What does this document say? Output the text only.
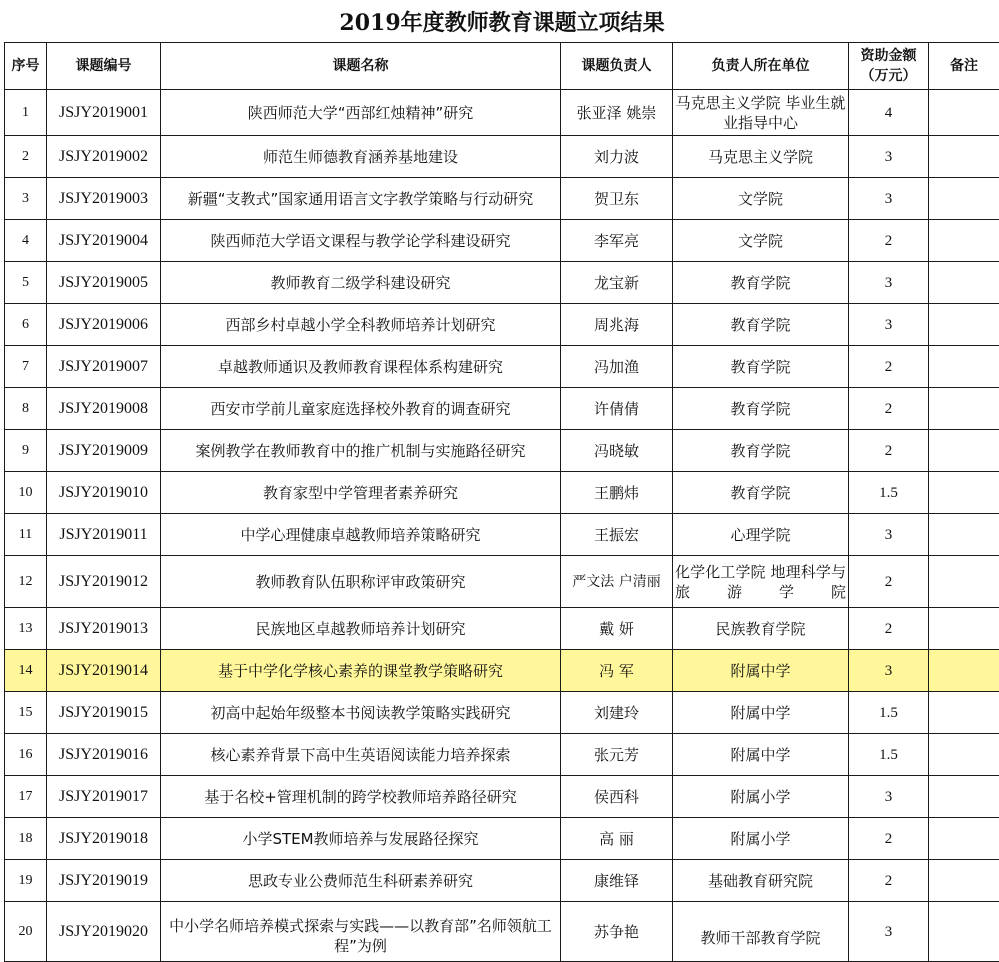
2019年度教师教育课题立项结果						
序号	课题编号	课题名称	课题负责人	负责人所在单位	资助金额（万元）	备注
1	JSJY2019001	陕西师范大学“西部红烛精神”研究	张亚泽 姚崇	马克思主义学院 毕业生就业指导中心	4	
2	JSJY2019002	师范生师德教育涵养基地建设	刘力波	马克思主义学院	3	
3	JSJY2019003	新疆“支教式”国家通用语言文字教学策略与行动研究	贺卫东	文学院	3	
4	JSJY2019004	陕西师范大学语文课程与教学论学科建设研究	李军亮	文学院	2	
5	JSJY2019005	教师教育二级学科建设研究	龙宝新	教育学院	3	
6	JSJY2019006	西部乡村卓越小学全科教师培养计划研究	周兆海	教育学院	3	
7	JSJY2019007	卓越教师通识及教师教育课程体系构建研究	冯加渔	教育学院	2	
8	JSJY2019008	西安市学前儿童家庭选择校外教育的调查研究	许倩倩	教育学院	2	
9	JSJY2019009	案例教学在教师教育中的推广机制与实施路径研究	冯晓敏	教育学院	2	
10	JSJY2019010	教育家型中学管理者素养研究	王鹏炜	教育学院	1.5	
11	JSJY2019011	中学心理健康卓越教师培养策略研究	王振宏	心理学院	3	
12	JSJY2019012	教师教育队伍职称评审政策研究	严文法 户清丽	化学化工学院 地理科学与旅游学院	2	
13	JSJY2019013	民族地区卓越教师培养计划研究	戴 妍	民族教育学院	2	
14	JSJY2019014	基于中学化学核心素养的课堂教学策略研究	冯 军	附属中学	3	
15	JSJY2019015	初高中起始年级整本书阅读教学策略实践研究	刘建玲	附属中学	1.5	
16	JSJY2019016	核心素养背景下高中生英语阅读能力培养探索	张元芳	附属中学	1.5	
17	JSJY2019017	基于名校+管理机制的跨学校教师培养路径研究	侯西科	附属小学	3	
18	JSJY2019018	小学STEM教师培养与发展路径探究	高 丽	附属小学	2	
19	JSJY2019019	思政专业公费师范生科研素养研究	康维铎	基础教育研究院	2	
20	JSJY2019020	中小学名师培养模式探索与实践——以教育部”名师领航工程”为例	苏争艳	教师干部教育学院	3	
